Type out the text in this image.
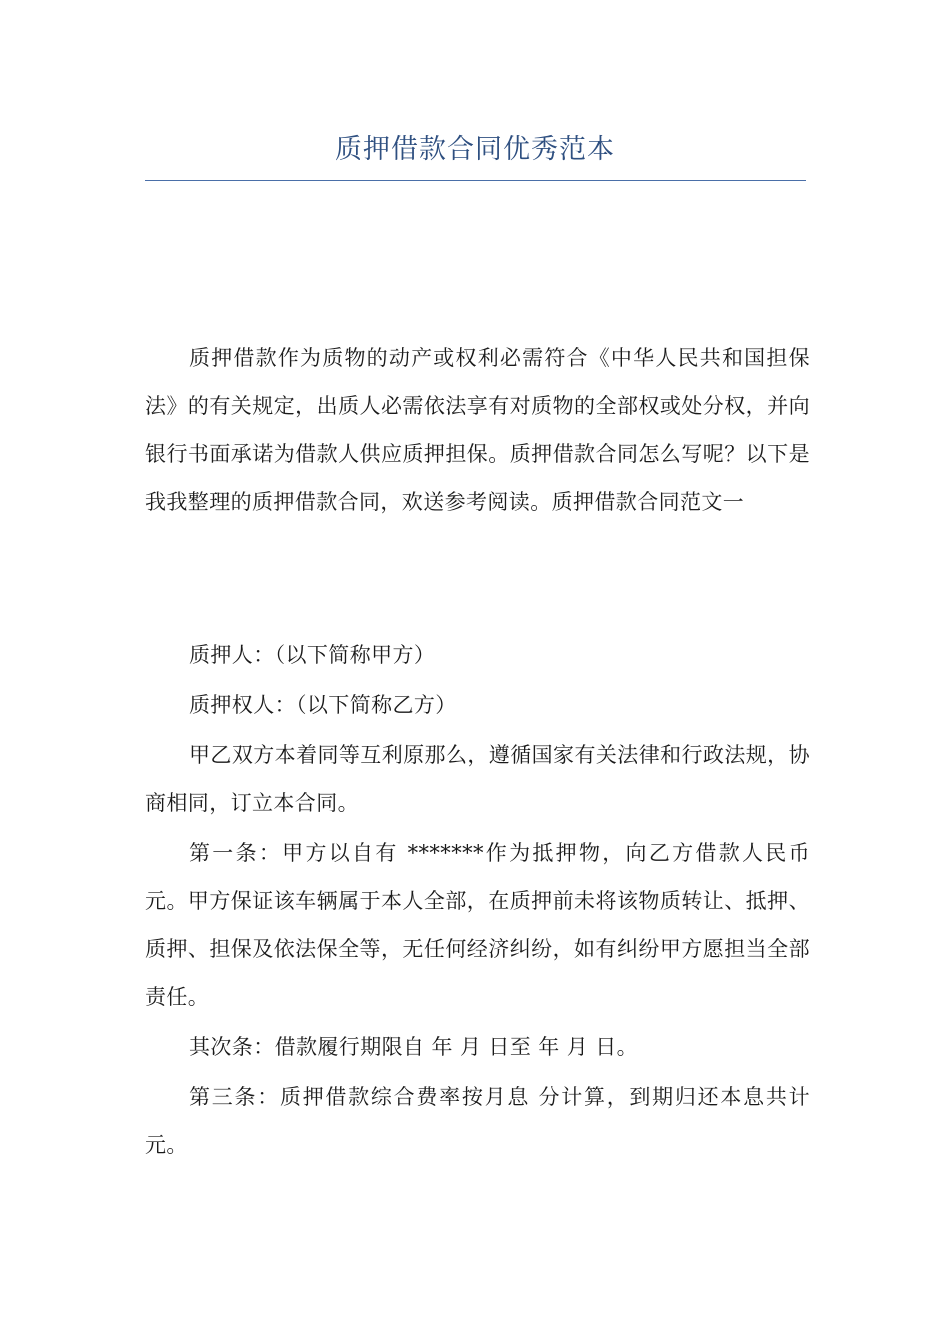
质押借款合同优秀范本

质押借款作为质物的动产或权利必需符合《中华人民共和国担保法》的有关规定，出质人必需依法享有对质物的全部权或处分权，并向银行书面承诺为借款人供应质押担保。质押借款合同怎么写呢？以下是我我整理的质押借款合同，欢送参考阅读。质押借款合同范文一

质押人：（以下简称甲方）

质押权人：（以下简称乙方）

甲乙双方本着同等互利原那么，遵循国家有关法律和行政法规，协商相同，订立本合同。

第一条：甲方以自有 *******作为抵押物，向乙方借款人民币 元。甲方保证该车辆属于本人全部，在质押前未将该物质转让、抵押、质押、担保及依法保全等，无任何经济纠纷，如有纠纷甲方愿担当全部责任。

其次条：借款履行期限自 年 月 日至 年 月 日。

第三条：质押借款综合费率按月息 分计算，到期归还本息共计 元。
